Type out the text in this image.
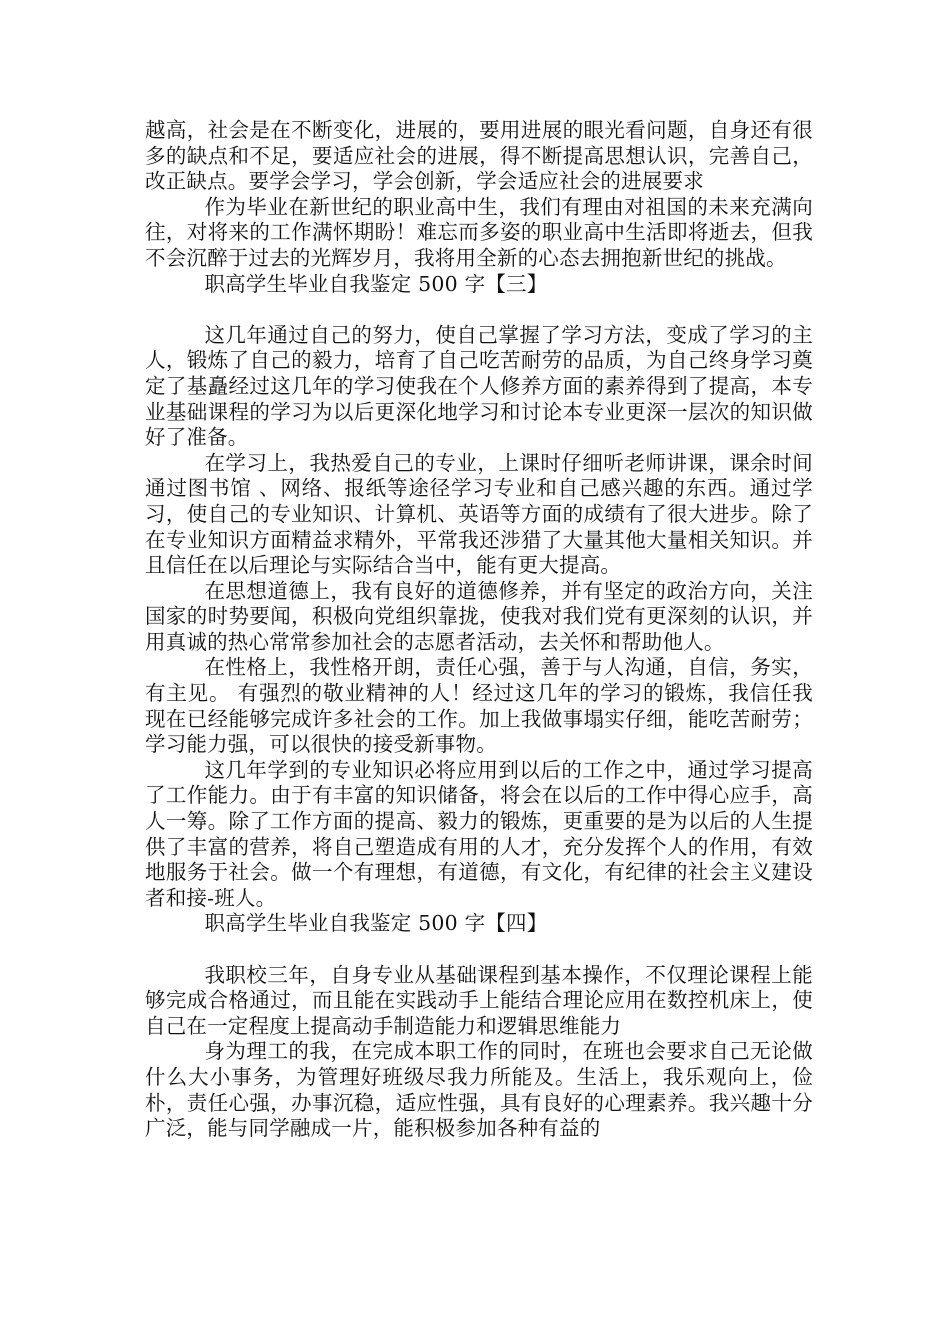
越高，社会是在不断变化，进展的，要用进展的眼光看问题，自身还有很多的缺点和不足，要适应社会的进展，得不断提高思想认识，完善自己，改正缺点。要学会学习，学会创新，学会适应社会的进展要求

作为毕业在新世纪的职业高中生，我们有理由对祖国的未来充满向往，对将来的工作满怀期盼！难忘而多姿的职业高中生活即将逝去，但我不会沉醉于过去的光辉岁月，我将用全新的心态去拥抱新世纪的挑战。

职高学生毕业自我鉴定 500 字【三】

这几年通过自己的努力，使自己掌握了学习方法，变成了学习的主人，锻炼了自己的毅力，培育了自己吃苦耐劳的品质，为自己终身学习奠定了基矗经过这几年的学习使我在个人修养方面的素养得到了提高，本专业基础课程的学习为以后更深化地学习和讨论本专业更深一层次的知识做好了准备。

在学习上，我热爱自己的专业，上课时仔细听老师讲课，课余时间通过图书馆 、网络、报纸等途径学习专业和自己感兴趣的东西。通过学习，使自己的专业知识、计算机、英语等方面的成绩有了很大进步。除了在专业知识方面精益求精外，平常我还涉猎了大量其他大量相关知识。并且信任在以后理论与实际结合当中，能有更大提高。

在思想道德上，我有良好的道德修养，并有坚定的政治方向，关注国家的时势要闻，积极向党组织靠拢，使我对我们党有更深刻的认识，并用真诚的热心常常参加社会的志愿者活动，去关怀和帮助他人。

在性格上，我性格开朗，责任心强，善于与人沟通，自信，务实，有主见。 有强烈的敬业精神的人！经过这几年的学习的锻炼，我信任我现在已经能够完成许多社会的工作。加上我做事塌实仔细，能吃苦耐劳；学习能力强，可以很快的接受新事物。

这几年学到的专业知识必将应用到以后的工作之中，通过学习提高了工作能力。由于有丰富的知识储备，将会在以后的工作中得心应手，高人一筹。除了工作方面的提高、毅力的锻炼，更重要的是为以后的人生提供了丰富的营养，将自己塑造成有用的人才，充分发挥个人的作用，有效地服务于社会。做一个有理想，有道德，有文化，有纪律的社会主义建设者和接-班人。

职高学生毕业自我鉴定 500 字【四】

我职校三年，自身专业从基础课程到基本操作，不仅理论课程上能够完成合格通过，而且能在实践动手上能结合理论应用在数控机床上，使自己在一定程度上提高动手制造能力和逻辑思维能力

身为理工的我，在完成本职工作的同时，在班也会要求自己无论做什么大小事务，为管理好班级尽我力所能及。生活上，我乐观向上，俭朴，责任心强，办事沉稳，适应性强，具有良好的心理素养。我兴趣十分广泛，能与同学融成一片，能积极参加各种有益的
